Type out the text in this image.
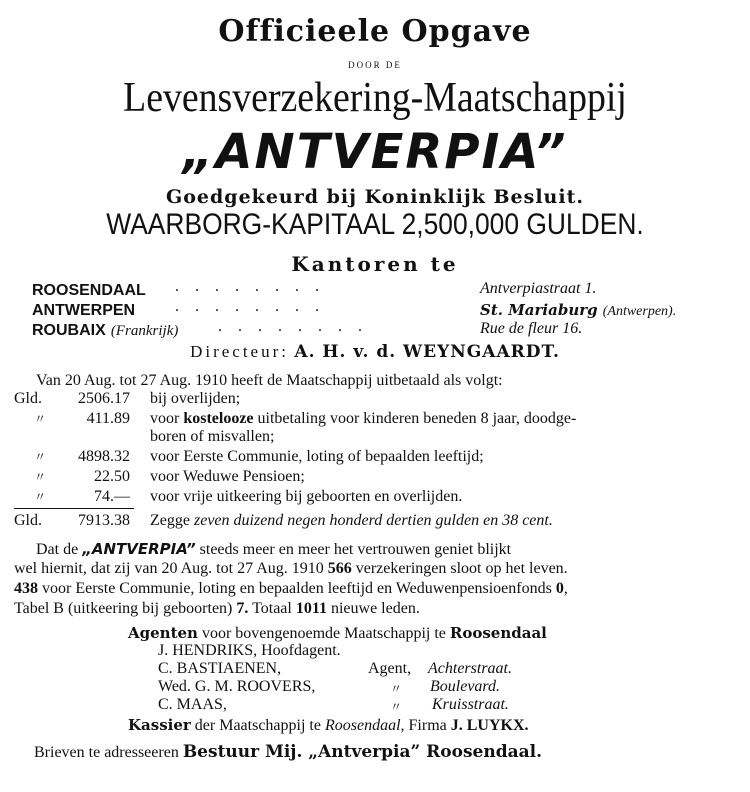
Officieele Opgave
DOOR DE
Levensverzekering-Maatschappij
„ANTVERPIA”
Goedgekeurd bij Koninklijk Besluit.
WAARBORG-KAPITAAL 2,500,000 GULDEN.
Kantoren te
ROOSENDAAL . . . . . . . .	Antverpiastraat 1.
ANTWERPEN . . . . . . . .	St. Mariaburg (Antwerpen).
ROUBAIX (Frankrijk) . . . . . . . .	Rue de fleur 16.
Directeur: A. H. v. d. WEYNGAARDT.
Van 20 Aug. tot 27 Aug. 1910 heeft de Maatschappij uitbetaald als volgt:
Gld.	2506.17 bij overlijden;
〃	411.89 voor kostelooze uitbetaling voor kinderen beneden 8 jaar, doodge-
boren of misvallen;
〃	4898.32 voor Eerste Communie, loting of bepaalden leeftijd;
〃	22.50 voor Weduwe Pensioen;
〃	74.— voor vrije uitkeering bij geboorten en overlijden.
Gld.	7913.38 Zegge zeven duizend negen honderd dertien gulden en 38 cent.
Dat de „ANTVERPIA” steeds meer en meer het vertrouwen geniet blijkt
wel hiernit, dat zij van 20 Aug. tot 27 Aug. 1910 566 verzekeringen sloot op het leven.
438 voor Eerste Communie, loting en bepaalden leeftijd en Weduwenpensioenfonds 0,
Tabel B (uitkeering bij geboorten) 7. Totaal 1011 nieuwe leden.
Agenten voor bovengenoemde Maatschappij te Roosendaal
J. HENDRIKS, Hoofdagent.
C. BASTIAENEN,	Agent, Achterstraat.
Wed. G. M. ROOVERS,	〃 Boulevard.
C. MAAS,	〃 Kruisstraat.
Kassier der Maatschappij te Roosendaal, Firma J. LUYKX.
Brieven te adresseeren Bestuur Mij. „Antverpia” Roosendaal.
